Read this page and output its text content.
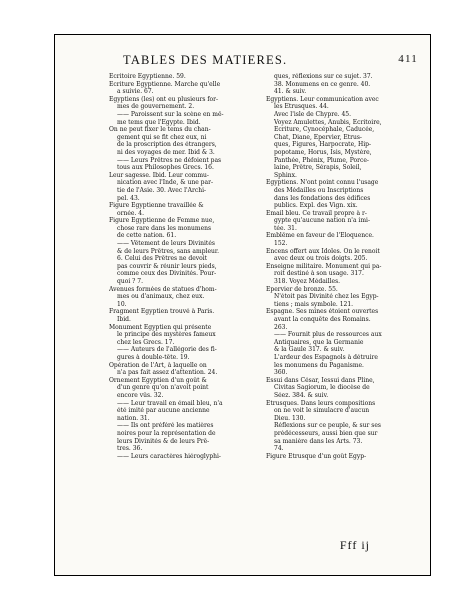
TABLES DES MATIERES.	411
Ecritoire Egyptienne. 59.
Ecriture Egyptienne. Marche qu'elle
a suivie. 67.
Egyptiens (les) ont eu plusieurs for-
mes de gouvernement. 2.
—— Paroissent sur la scène en mê-
me tems que l'Egypte. Ibid.
On ne peut fixer le tems du chan-
gement qui se fit chez eux, ni
de la proscription des étrangers,
ni des voyages de mer. Ibid & 3.
—— Leurs Prêtres ne défoient pas
tous aux Philosophes Grecs. 16.
Leur sagesse. Ibid. Leur commu-
nication avec l'Inde, & une par-
tie de l'Asie. 30. Avec l'Archi-
pel. 43.
Figure Egyptienne travaillée &
ornée. 4.
Figure Egyptienne de Femme nue,
chose rare dans les monumens
de cette nation. 61.
—— Vêtement de leurs Divinités
& de leurs Prêtres, sans ampleur.
6. Celui des Prêtres ne devoit
pas couvrir & réunir leurs pieds,
comme ceux des Divinités. Pour-
quoi ? 7.
Avenues formées de statues d'hom-
mes ou d'animaux, chez eux.
10.
Fragment Egyptien trouvé à Paris.
Ibid.
Monument Egyptien qui présente
le principe des mystères fameux
chez les Grecs. 17.
—— Auteurs de l'allégorie des fi-
gures à double-tête. 19.
Opération de l'Art, à laquelle on
n'a pas fait assez d'attention. 24.
Ornement Egyptien d'un goût &
d'un genre qu'on n'avoit point
encore vûs. 32.
—— Leur travail en émail bleu, n'a
été imité par aucune ancienne
nation. 31.
—— Ils ont préféré les matières
noires pour la représentation de
leurs Divinités & de leurs Prê-
tres. 36.
—— Leurs caractères hiéroglyphi-
ques, réflexions sur ce sujet. 37.
38. Monumens en ce genre. 40.
41. & suiv.
Egyptiens. Leur communication avec
les Etrusques. 44.
Avec l'isle de Chypre. 45.
Voyez Amulettes, Anubis, Ecritoire,
Ecriture, Cynocéphale, Caducée,
Chat, Diane, Epervier, Etrus-
ques, Figures, Harpocrate, Hip-
popotame, Horus, Isis, Mystère,
Panthée, Phénix, Plume, Porce-
laine, Prêtre, Sérapis, Soleil,
Sphinx.
Egyptiens. N'ont point connu l'usage
des Médailles ou Inscriptions
dans les fondations des édifices
publics. Expl. des Vign. xix.
Email bleu. Ce travail propre à r-
gypte qu'aucune nation n'a imi-
tée. 31.
Emblême en faveur de l'Eloquence.
152.
Encens offert aux Idoles. On le renoit
avec deux ou trois doigts. 205.
Enseigne militaire. Monument qui pa-
roit destiné à son usage. 317.
318. Voyez Médailles.
Epervier de bronze. 55.
N'étoit pas Divinité chez les Egyp-
tiens ; mais symbole. 121.
Espagne. Ses mines étoient ouvertes
avant la conquête des Romains.
263.
—— Fournit plus de ressources aux
Antiquaires, que la Germanie
& la Gaule 317. & suiv.
L'ardeur des Espagnols à détruire
les monumens du Paganisme.
360.
Essui dans César, Iessui dans Pline,
Civitas Sagiorum, le diocèse de
Séez. 384. & suiv.
Etrusques. Dans leurs compositions
on ne voit le simulacre d'aucun
Dieu. 130.
Réflexions sur ce peuple, & sur ses
prédécesseurs, aussi bien que sur
sa manière dans les Arts. 73.
74.
Figure Etrusque d'un goût Egyp-
Fff ij
